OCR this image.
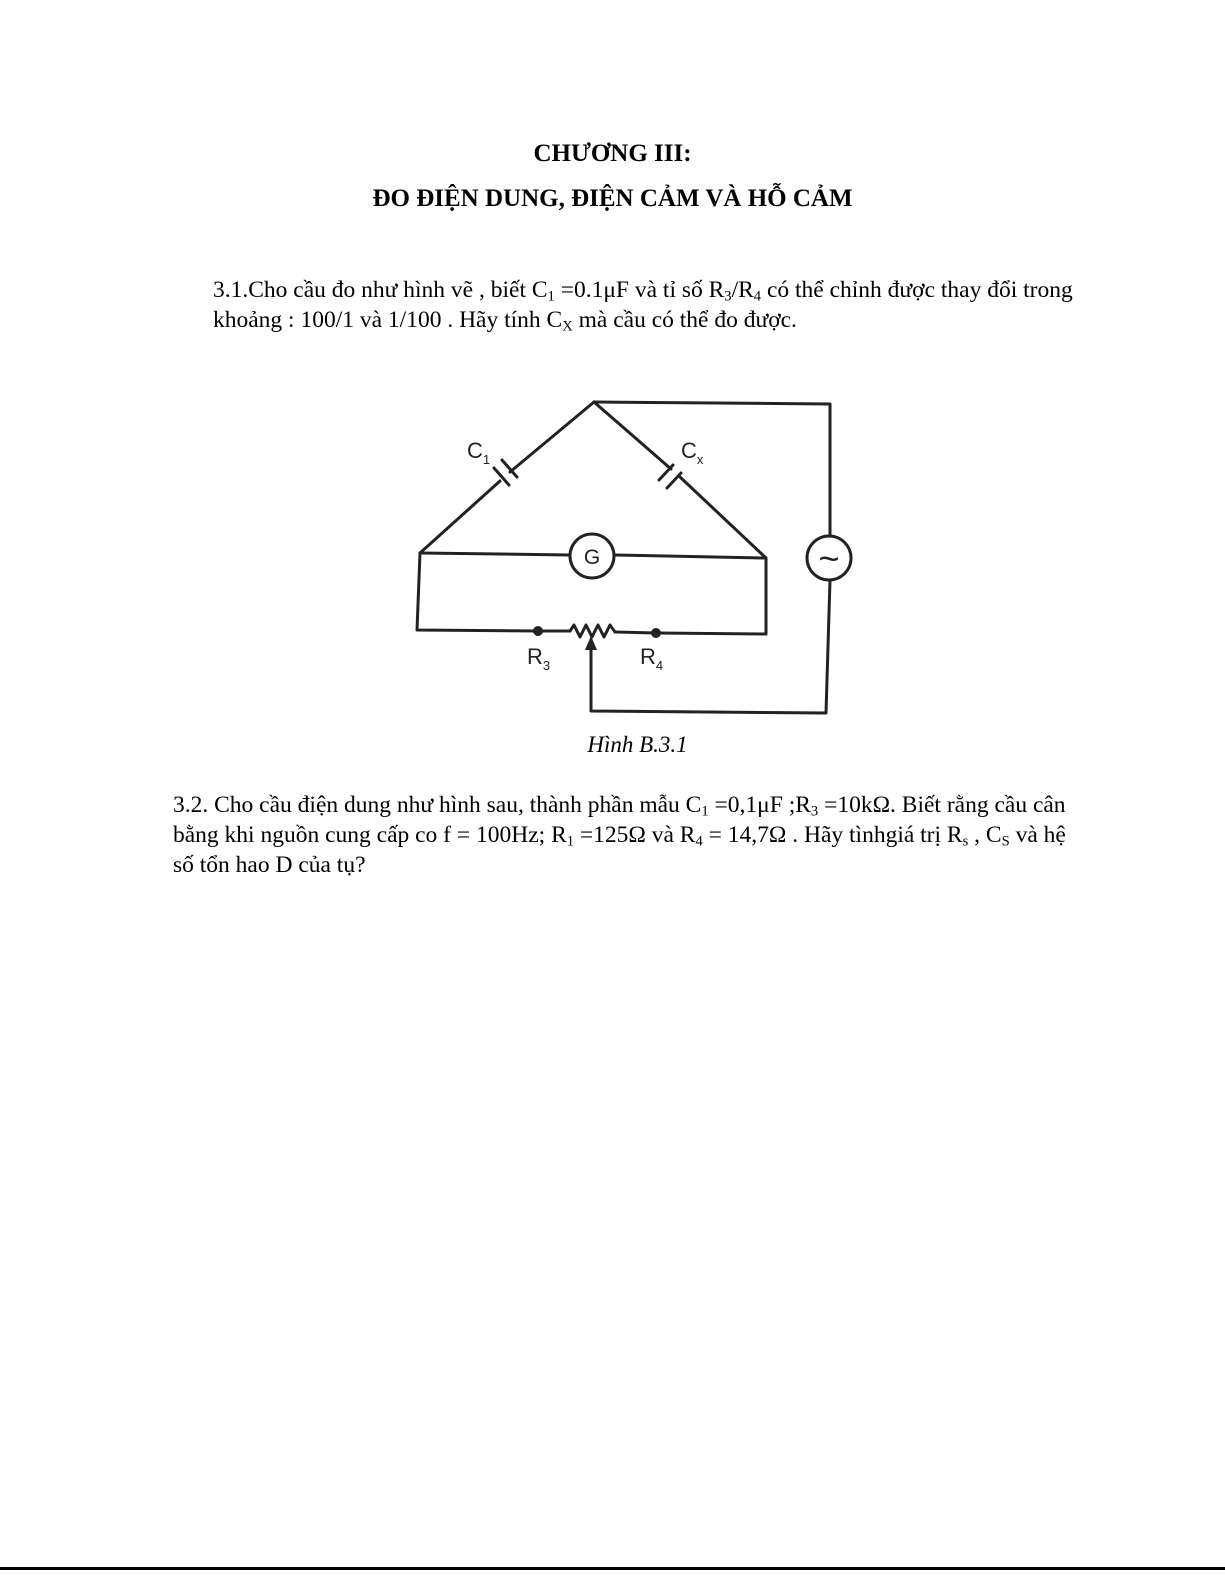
CHƯƠNG III:
ĐO ĐIỆN DUNG, ĐIỆN CẢM VÀ HỖ CẢM

3.1.Cho cầu đo như hình vẽ , biết $C_1 =0.1\mu F$ và tỉ số $R_3/R_4$ có thể chỉnh được thay đổi trong khoảng : 100/1 và 1/100 . Hãy tính $C_X$ mà cầu có thể đo được.

$C_1$	$C_x$
G	~
$R_3$	$R_4$
Hình B.3.1

3.2. Cho cầu điện dung như hình sau, thành phần mẫu $C_1 =0,1\mu F$ $;R_3 =10k\Omega$. Biết rằng cầu cân bằng khi nguồn cung cấp co f = 100Hz; $R_1 =125\Omega$ và $R_4 = 14,7\Omega$ . Hãy tìnhgiá trị $R_s$ , $C_S$ và hệ số tổn hao D của tụ?
